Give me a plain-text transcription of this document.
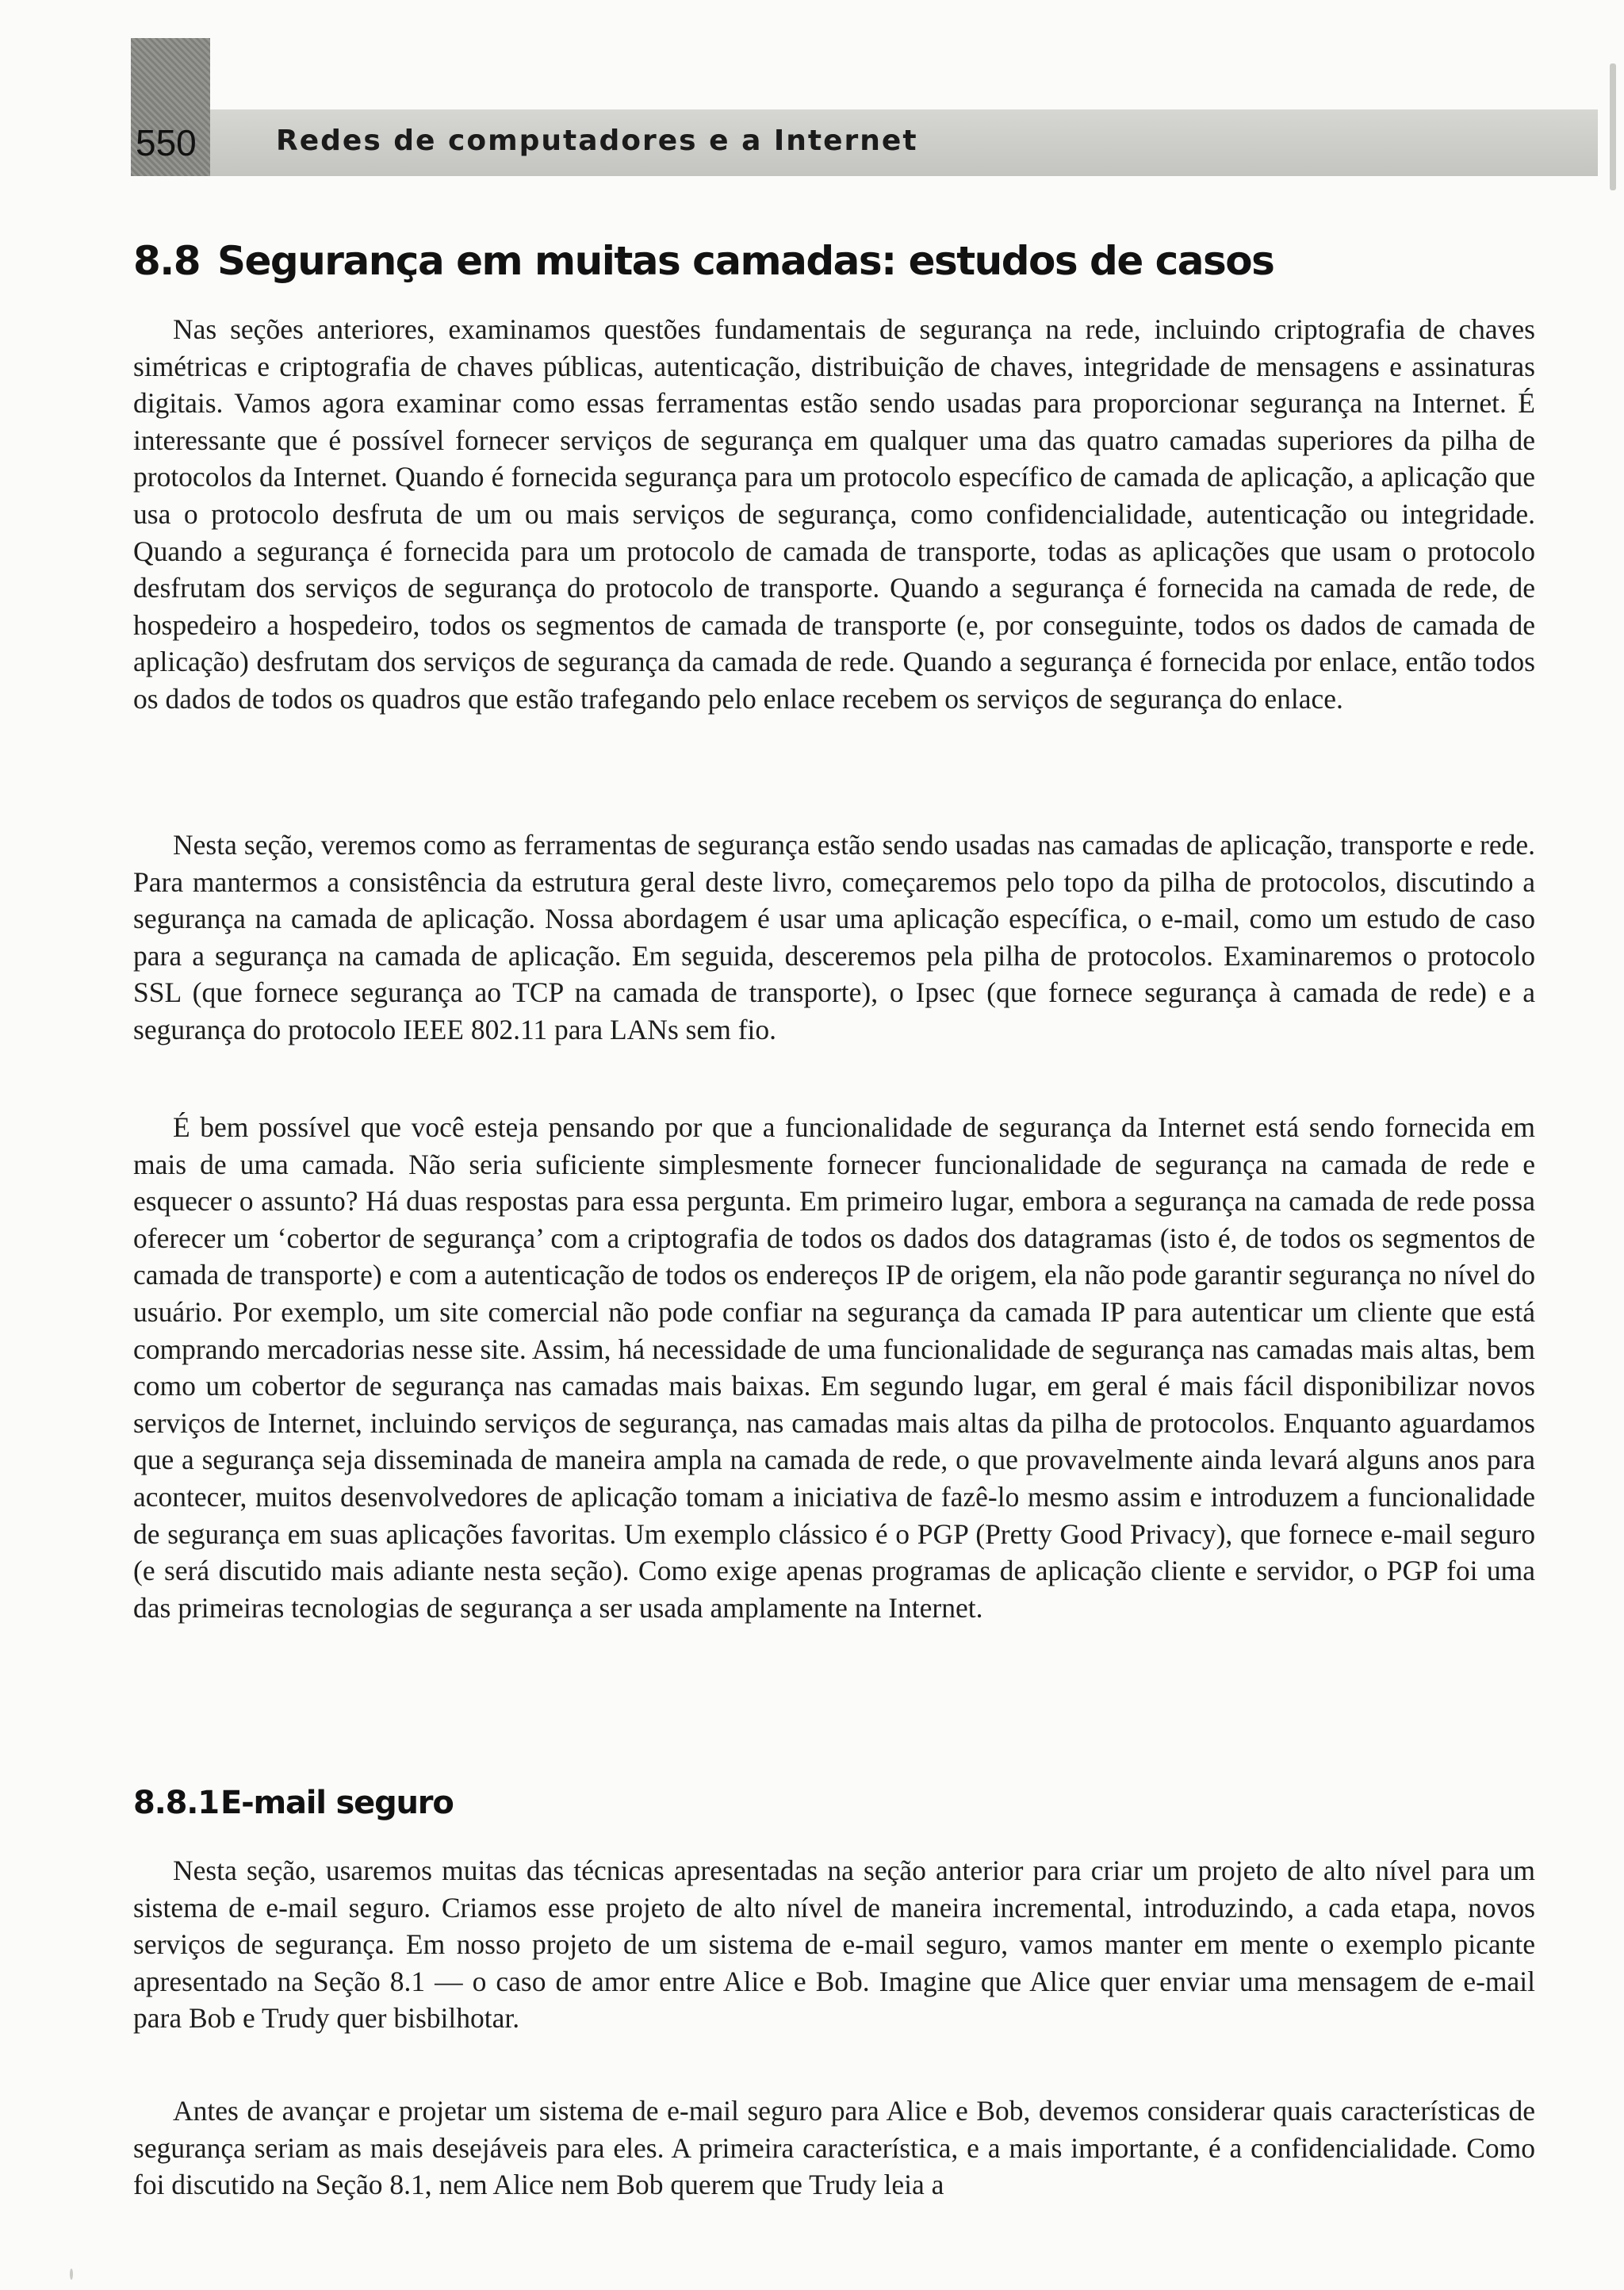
550	Redes de computadores e a Internet
8.8 Segurança em muitas camadas: estudos de casos

Nas seções anteriores, examinamos questões fundamentais de segurança na rede, incluindo criptografia de chaves simétricas e criptografia de chaves públicas, autenticação, distribuição de chaves, integridade de mensagens e assinaturas digitais. Vamos agora examinar como essas ferramentas estão sendo usadas para proporcionar segurança na Internet. É interessante que é possível fornecer serviços de segurança em qualquer uma das quatro camadas superiores da pilha de protocolos da Internet. Quando é fornecida segurança para um protocolo específico de camada de aplicação, a aplicação que usa o protocolo desfruta de um ou mais serviços de segurança, como confidencialidade, autenticação ou integridade. Quando a segurança é fornecida para um protocolo de camada de transporte, todas as aplicações que usam o protocolo desfrutam dos serviços de segurança do protocolo de transporte. Quando a segurança é fornecida na camada de rede, de hospedeiro a hospedeiro, todos os segmentos de camada de transporte (e, por conseguinte, todos os dados de camada de aplicação) desfrutam dos serviços de segurança da camada de rede. Quando a segurança é fornecida por enlace, então todos os dados de todos os quadros que estão trafegando pelo enlace recebem os serviços de segurança do enlace.

Nesta seção, veremos como as ferramentas de segurança estão sendo usadas nas camadas de aplicação, transporte e rede. Para mantermos a consistência da estrutura geral deste livro, começaremos pelo topo da pilha de protocolos, discutindo a segurança na camada de aplicação. Nossa abordagem é usar uma aplicação específica, o e-mail, como um estudo de caso para a segurança na camada de aplicação. Em seguida, desceremos pela pilha de protocolos. Examinaremos o protocolo SSL (que fornece segurança ao TCP na camada de transporte), o Ipsec (que fornece segurança à camada de rede) e a segurança do protocolo IEEE 802.11 para LANs sem fio.

É bem possível que você esteja pensando por que a funcionalidade de segurança da Internet está sendo fornecida em mais de uma camada. Não seria suficiente simplesmente fornecer funcionalidade de segurança na camada de rede e esquecer o assunto? Há duas respostas para essa pergunta. Em primeiro lugar, embora a segurança na camada de rede possa oferecer um ‘cobertor de segurança’ com a criptografia de todos os dados dos datagramas (isto é, de todos os segmentos de camada de transporte) e com a autenticação de todos os endereços IP de origem, ela não pode garantir segurança no nível do usuário. Por exemplo, um site comercial não pode confiar na segurança da camada IP para autenticar um cliente que está comprando mercadorias nesse site. Assim, há necessidade de uma funcionalidade de segurança nas camadas mais altas, bem como um cobertor de segurança nas camadas mais baixas. Em segundo lugar, em geral é mais fácil disponibilizar novos serviços de Internet, incluindo serviços de segurança, nas camadas mais altas da pilha de protocolos. Enquanto aguardamos que a segurança seja disseminada de maneira ampla na camada de rede, o que provavelmente ainda levará alguns anos para acontecer, muitos desenvolvedores de aplicação tomam a iniciativa de fazê-lo mesmo assim e introduzem a funcionalidade de segurança em suas aplicações favoritas. Um exemplo clássico é o PGP (Pretty Good Privacy), que fornece e-mail seguro (e será discutido mais adiante nesta seção). Como exige apenas programas de aplicação cliente e servidor, o PGP foi uma das primeiras tecnologias de segurança a ser usada amplamente na Internet.

8.8.1E-mail seguro

Nesta seção, usaremos muitas das técnicas apresentadas na seção anterior para criar um projeto de alto nível para um sistema de e-mail seguro. Criamos esse projeto de alto nível de maneira incremental, introduzindo, a cada etapa, novos serviços de segurança. Em nosso projeto de um sistema de e-mail seguro, vamos manter em mente o exemplo picante apresentado na Seção 8.1 — o caso de amor entre Alice e Bob. Imagine que Alice quer enviar uma mensagem de e-mail para Bob e Trudy quer bisbilhotar.

Antes de avançar e projetar um sistema de e-mail seguro para Alice e Bob, devemos considerar quais características de segurança seriam as mais desejáveis para eles. A primeira característica, e a mais importante, é a confidencialidade. Como foi discutido na Seção 8.1, nem Alice nem Bob querem que Trudy leia a
